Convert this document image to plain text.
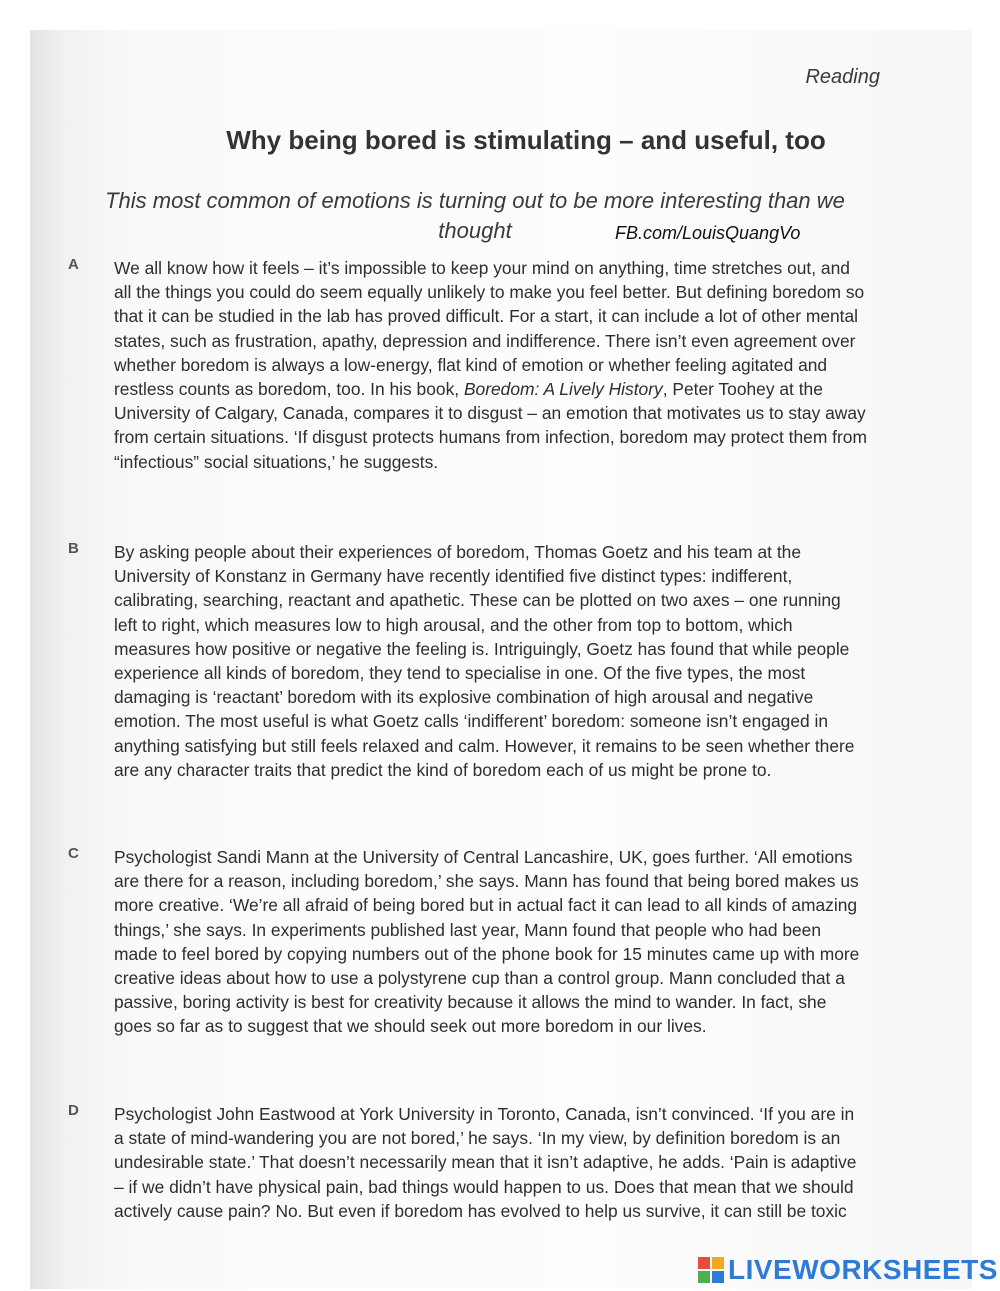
Reading
Why being bored is stimulating – and useful, too
This most common of emotions is turning out to be more interesting than we thought	FB.com/LouisQuangVo
A We all know how it feels – it’s impossible to keep your mind on anything, time stretches out, and all the things you could do seem equally unlikely to make you feel better. But defining boredom so that it can be studied in the lab has proved difficult. For a start, it can include a lot of other mental states, such as frustration, apathy, depression and indifference. There isn’t even agreement over whether boredom is always a low-energy, flat kind of emotion or whether feeling agitated and restless counts as boredom, too. In his book, Boredom: A Lively History, Peter Toohey at the University of Calgary, Canada, compares it to disgust – an emotion that motivates us to stay away from certain situations. ‘If disgust protects humans from infection, boredom may protect them from “infectious” social situations,’ he suggests.
B By asking people about their experiences of boredom, Thomas Goetz and his team at the University of Konstanz in Germany have recently identified five distinct types: indifferent, calibrating, searching, reactant and apathetic. These can be plotted on two axes – one running left to right, which measures low to high arousal, and the other from top to bottom, which measures how positive or negative the feeling is. Intriguingly, Goetz has found that while people experience all kinds of boredom, they tend to specialise in one. Of the five types, the most damaging is ‘reactant’ boredom with its explosive combination of high arousal and negative emotion. The most useful is what Goetz calls ‘indifferent’ boredom: someone isn’t engaged in anything satisfying but still feels relaxed and calm. However, it remains to be seen whether there are any character traits that predict the kind of boredom each of us might be prone to.
C Psychologist Sandi Mann at the University of Central Lancashire, UK, goes further. ‘All emotions are there for a reason, including boredom,’ she says. Mann has found that being bored makes us more creative. ‘We’re all afraid of being bored but in actual fact it can lead to all kinds of amazing things,’ she says. In experiments published last year, Mann found that people who had been made to feel bored by copying numbers out of the phone book for 15 minutes came up with more creative ideas about how to use a polystyrene cup than a control group. Mann concluded that a passive, boring activity is best for creativity because it allows the mind to wander. In fact, she goes so far as to suggest that we should seek out more boredom in our lives.
D Psychologist John Eastwood at York University in Toronto, Canada, isn’t convinced. ‘If you are in a state of mind-wandering you are not bored,’ he says. ‘In my view, by definition boredom is an undesirable state.’ That doesn’t necessarily mean that it isn’t adaptive, he adds. ‘Pain is adaptive – if we didn’t have physical pain, bad things would happen to us. Does that mean that we should actively cause pain? No. But even if boredom has evolved to help us survive, it can still be toxic
LIVEWORKSHEETS
